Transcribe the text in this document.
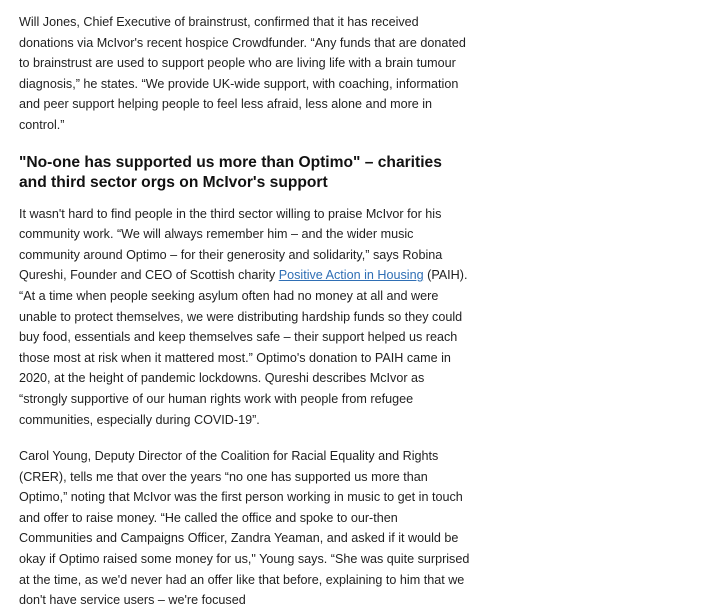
Will Jones, Chief Executive of brainstrust, confirmed that it has received donations via McIvor's recent hospice Crowdfunder. “Any funds that are donated to brainstrust are used to support people who are living life with a brain tumour diagnosis,” he states. “We provide UK-wide support, with coaching, information and peer support helping people to feel less afraid, less alone and more in control.”

"No-one has supported us more than Optimo" – charities and third sector orgs on McIvor's support

It wasn't hard to find people in the third sector willing to praise McIvor for his community work. “We will always remember him – and the wider music community around Optimo – for their generosity and solidarity,” says Robina Qureshi, Founder and CEO of Scottish charity Positive Action in Housing (PAIH). “At a time when people seeking asylum often had no money at all and were unable to protect themselves, we were distributing hardship funds so they could buy food, essentials and keep themselves safe – their support helped us reach those most at risk when it mattered most.” Optimo's donation to PAIH came in 2020, at the height of pandemic lockdowns. Qureshi describes McIvor as “strongly supportive of our human rights work with people from refugee communities, especially during COVID-19”.

Carol Young, Deputy Director of the Coalition for Racial Equality and Rights (CRER), tells me that over the years “no one has supported us more than Optimo,” noting that McIvor was the first person working in music to get in touch and offer to raise money. “He called the office and spoke to our-then Communities and Campaigns Officer, Zandra Yeaman, and asked if it would be okay if Optimo raised some money for us," Young says. “She was quite surprised at the time, as we'd never had an offer like that before, explaining to him that we don't have service users – we're focused
